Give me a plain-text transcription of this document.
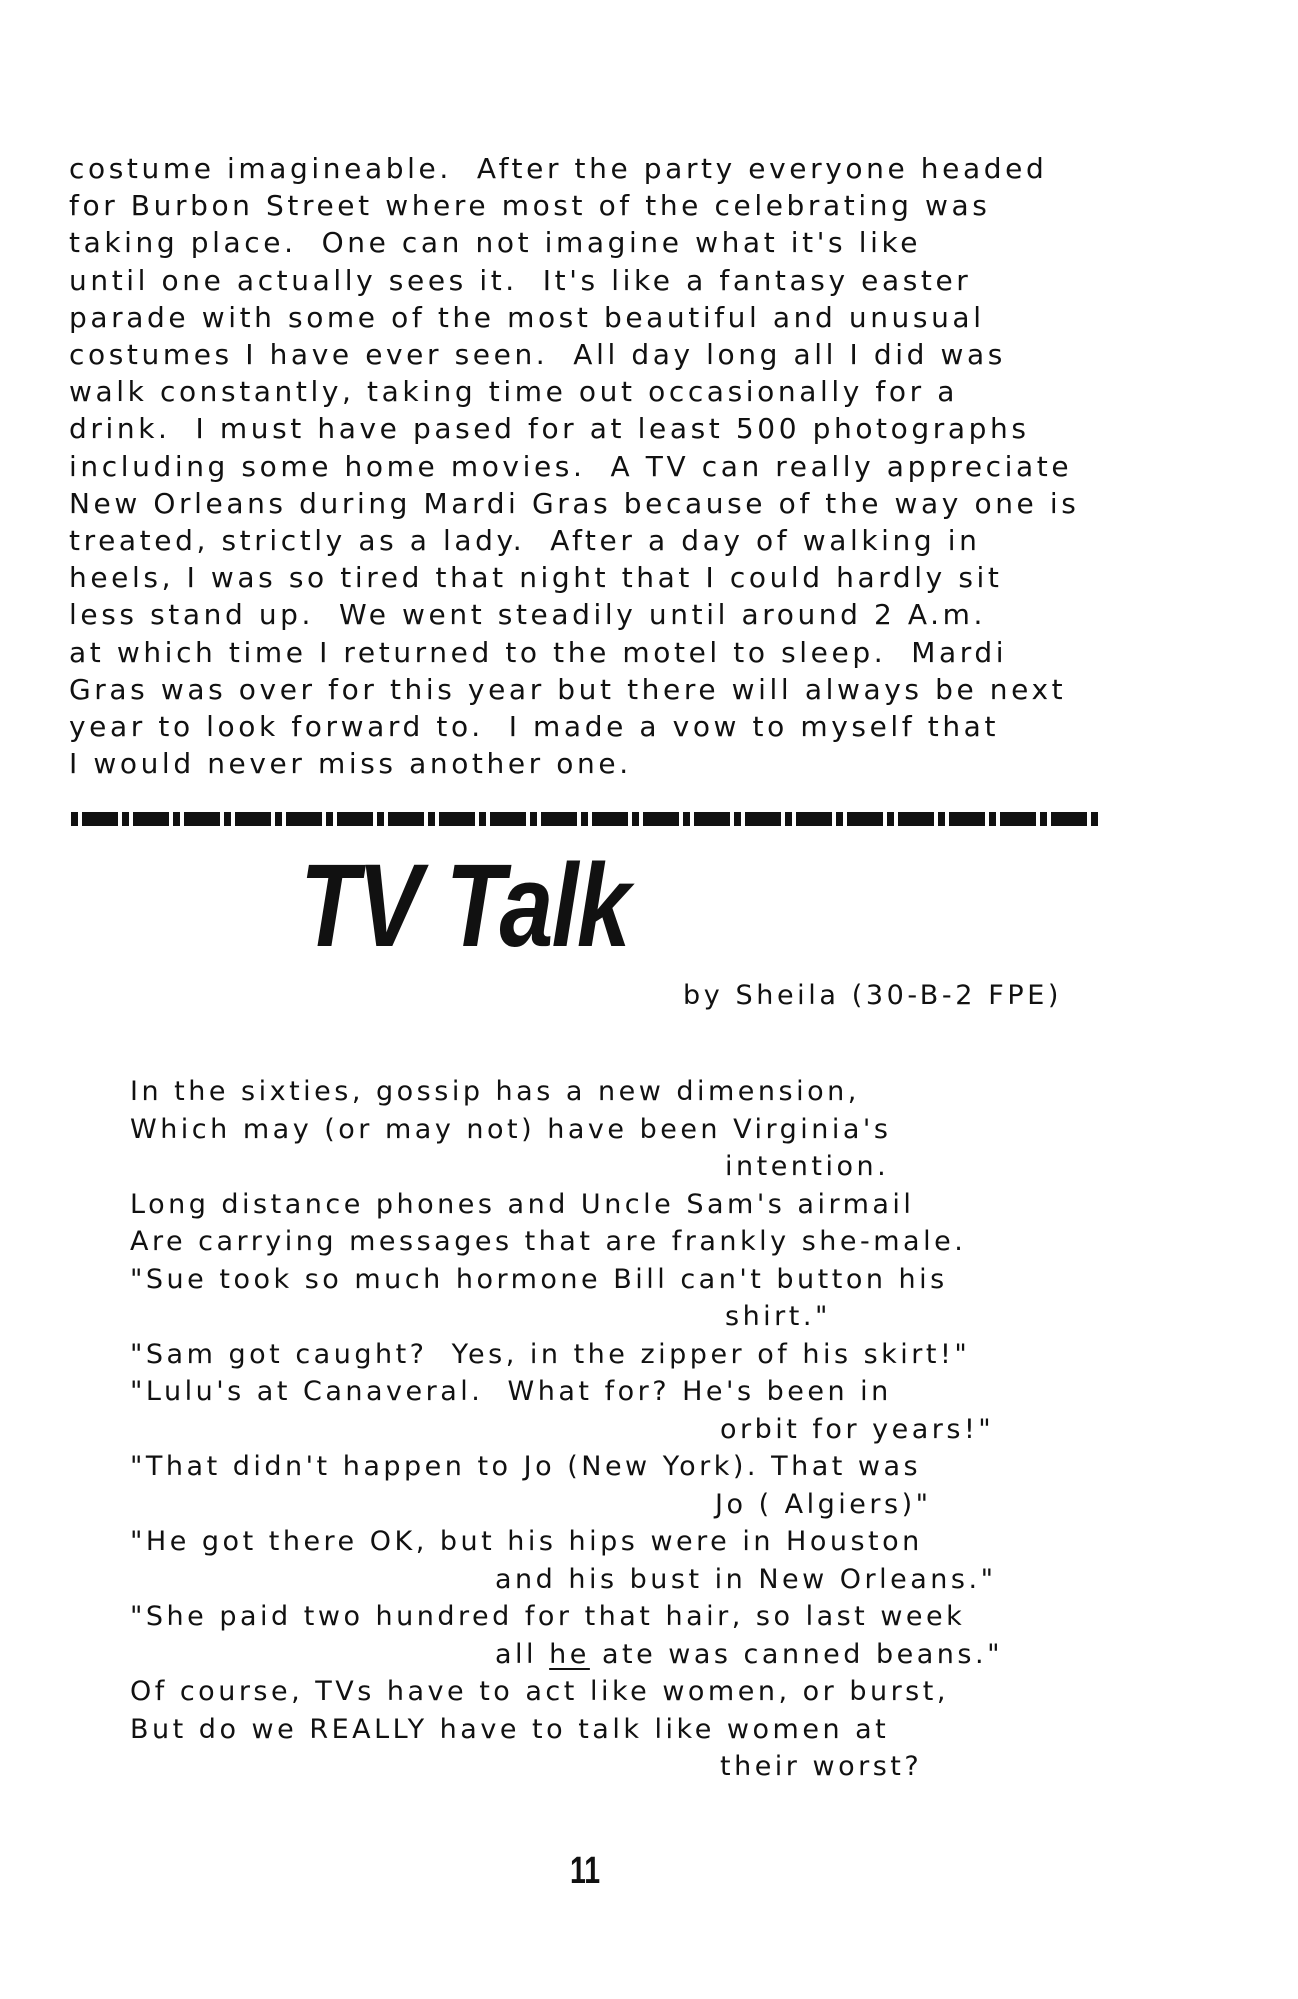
costume imagineable.  After the party everyone headed
for Burbon Street where most of the celebrating was
taking place.  One can not imagine what it's like
until one actually sees it.  It's like a fantasy easter
parade with some of the most beautiful and unusual
costumes I have ever seen.  All day long all I did was
walk constantly, taking time out occasionally for a
drink.  I must have pased for at least 500 photographs
including some home movies.  A TV can really appreciate
New Orleans during Mardi Gras because of the way one is
treated, strictly as a lady.  After a day of walking in
heels, I was so tired that night that I could hardly sit
less stand up.  We went steadily until around 2 A.m.
at which time I returned to the motel to sleep.  Mardi
Gras was over for this year but there will always be next
year to look forward to.  I made a vow to myself that
I would never miss another one.
TV Talk
by Sheila (30-B-2 FPE)
In the sixties, gossip has a new dimension,
Which may (or may not) have been Virginia's
intention.
Long distance phones and Uncle Sam's airmail
Are carrying messages that are frankly she-male.
"Sue took so much hormone Bill can't button his
shirt."
"Sam got caught?  Yes, in the zipper of his skirt!"
"Lulu's at Canaveral.  What for? He's been in
orbit for years!"
"That didn't happen to Jo (New York). That was
Jo ( Algiers)"
"He got there OK, but his hips were in Houston
and his bust in New Orleans."
"She paid two hundred for that hair, so last week
all he ate was canned beans."
Of course, TVs have to act like women, or burst,
But do we REALLY have to talk like women at
their worst?
11
